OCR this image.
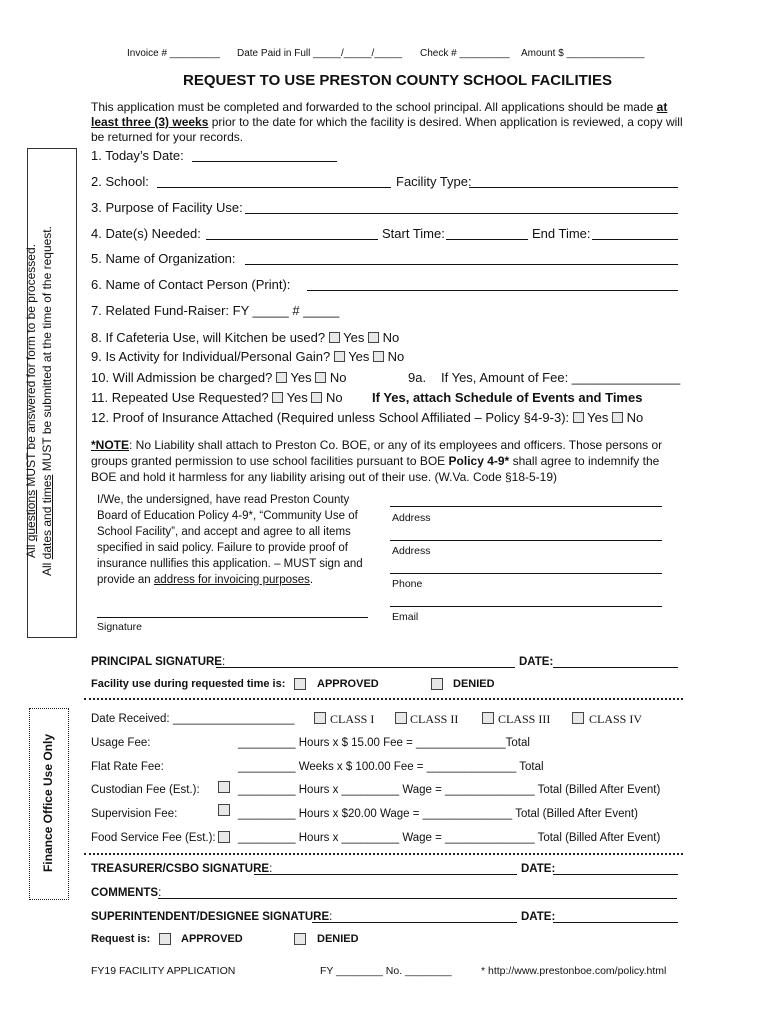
Invoice # _________ Date Paid in Full _____/_____/_____ Check # _________ Amount $ ______________
REQUEST TO USE PRESTON COUNTY SCHOOL FACILITIES
This application must be completed and forwarded to the school principal. All applications should be made at least three (3) weeks prior to the date for which the facility is desired. When application is reviewed, a copy will be returned for your records.
All questions MUST be answered for form to be processed.
All dates and times MUST be submitted at the time of the request.
1. Today’s Date:
2. School:	Facility Type:
3. Purpose of Facility Use:
4. Date(s) Needed:	Start Time:	End Time:
5. Name of Organization:
6. Name of Contact Person (Print):
7. Related Fund-Raiser: FY _____ # _____
8. If Cafeteria Use, will Kitchen be used? Yes No
9. Is Activity for Individual/Personal Gain? Yes No
10. Will Admission be charged? Yes No	9a. If Yes, Amount of Fee: _______________
11. Repeated Use Requested? Yes No If Yes, attach Schedule of Events and Times
12. Proof of Insurance Attached (Required unless School Affiliated – Policy §4-9-3): Yes No
*NOTE: No Liability shall attach to Preston Co. BOE, or any of its employees and officers. Those persons or groups granted permission to use school facilities pursuant to BOE Policy 4-9* shall agree to indemnify the BOE and hold it harmless for any liability arising out of their use. (W.Va. Code §18-5-19)
I/We, the undersigned, have read Preston County
Board of Education Policy 4-9*, “Community Use of
School Facility”, and accept and agree to all items
specified in said policy. Failure to provide proof of
insurance nullifies this application. – MUST sign and
provide an address for invoicing purposes.
Signature
Address
Address
Phone
Email
PRINCIPAL SIGNATURE:	DATE:
Facility use during requested time is:	APPROVED	DENIED
Finance Office Use Only
Date Received: ___________________	CLASS I	CLASS II	CLASS III	CLASS IV
Usage Fee:	_________ Hours x $ 15.00 Fee = ______________Total
Flat Rate Fee:	_________ Weeks x $ 100.00 Fee = ______________ Total
Custodian Fee (Est.):	_________ Hours x _________ Wage = ______________ Total (Billed After Event)
Supervision Fee:	_________ Hours x $20.00 Wage = ______________ Total (Billed After Event)
Food Service Fee (Est.): _________ Hours x _________ Wage = ______________ Total (Billed After Event)
TREASURER/CSBO SIGNATURE:	DATE:
COMMENTS:
SUPERINTENDENT/DESIGNEE SIGNATURE:	DATE:
Request is:	APPROVED	DENIED
FY19 FACILITY APPLICATION	FY ________ No. ________	* http://www.prestonboe.com/policy.html
